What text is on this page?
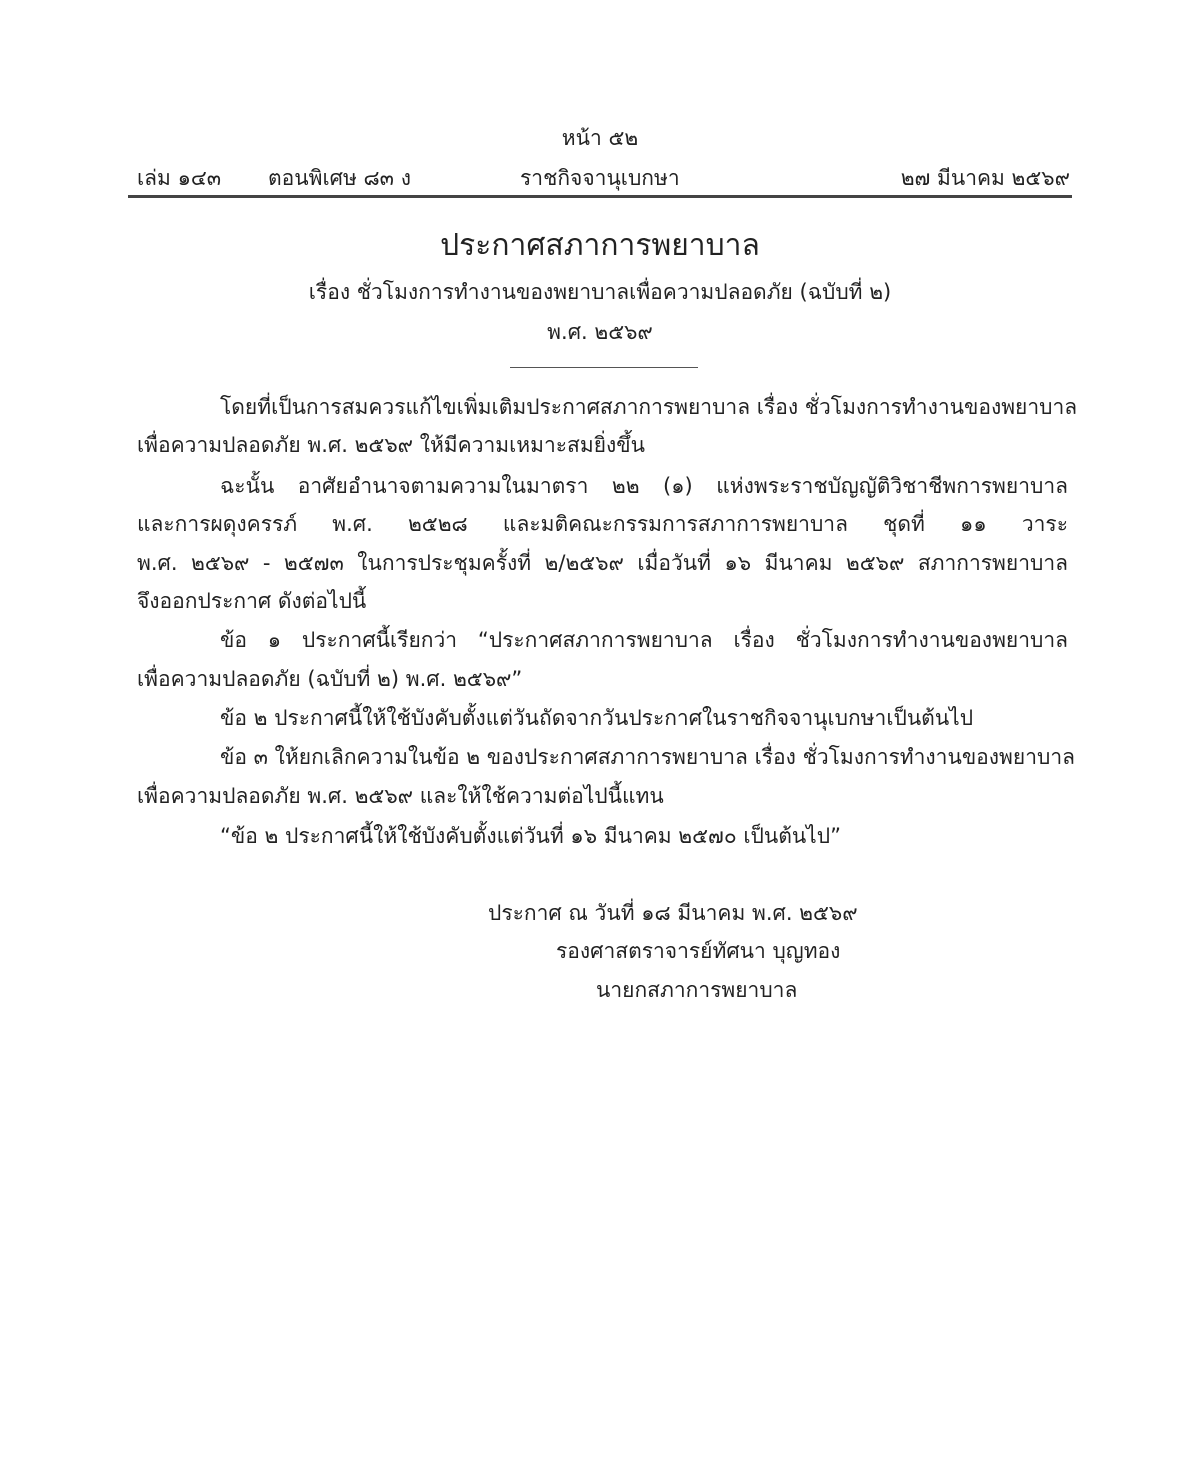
หน้า ๕๒
เล่ม ๑๔๓ ตอนพิเศษ ๘๓ ง	ราชกิจจานุเบกษา	๒๗ มีนาคม ๒๕๖๙
ประกาศสภาการพยาบาล
เรื่อง ชั่วโมงการทำงานของพยาบาลเพื่อความปลอดภัย (ฉบับที่ ๒)
พ.ศ. ๒๕๖๙
โดยที่เป็นการสมควรแก้ไขเพิ่มเติมประกาศสภาการพยาบาล เรื่อง ชั่วโมงการทำงานของพยาบาล
เพื่อความปลอดภัย พ.ศ. ๒๕๖๙ ให้มีความเหมาะสมยิ่งขึ้น
ฉะนั้น อาศัยอำนาจตามความในมาตรา ๒๒ (๑) แห่งพระราชบัญญัติวิชาชีพการพยาบาล
และการผดุงครรภ์ พ.ศ. ๒๕๒๘ และมติคณะกรรมการสภาการพยาบาล ชุดที่ ๑๑ วาระ
พ.ศ. ๒๕๖๙ - ๒๕๗๓ ในการประชุมครั้งที่ ๒/๒๕๖๙ เมื่อวันที่ ๑๖ มีนาคม ๒๕๖๙ สภาการพยาบาล
จึงออกประกาศ ดังต่อไปนี้
ข้อ ๑ ประกาศนี้เรียกว่า “ประกาศสภาการพยาบาล เรื่อง ชั่วโมงการทำงานของพยาบาล
เพื่อความปลอดภัย (ฉบับที่ ๒) พ.ศ. ๒๕๖๙”
ข้อ ๒ ประกาศนี้ให้ใช้บังคับตั้งแต่วันถัดจากวันประกาศในราชกิจจานุเบกษาเป็นต้นไป
ข้อ ๓ ให้ยกเลิกความในข้อ ๒ ของประกาศสภาการพยาบาล เรื่อง ชั่วโมงการทำงานของพยาบาล
เพื่อความปลอดภัย พ.ศ. ๒๕๖๙ และให้ใช้ความต่อไปนี้แทน
“ข้อ ๒ ประกาศนี้ให้ใช้บังคับตั้งแต่วันที่ ๑๖ มีนาคม ๒๕๗๐ เป็นต้นไป”
ประกาศ ณ วันที่ ๑๘ มีนาคม พ.ศ. ๒๕๖๙
รองศาสตราจารย์ทัศนา บุญทอง
นายกสภาการพยาบาล
